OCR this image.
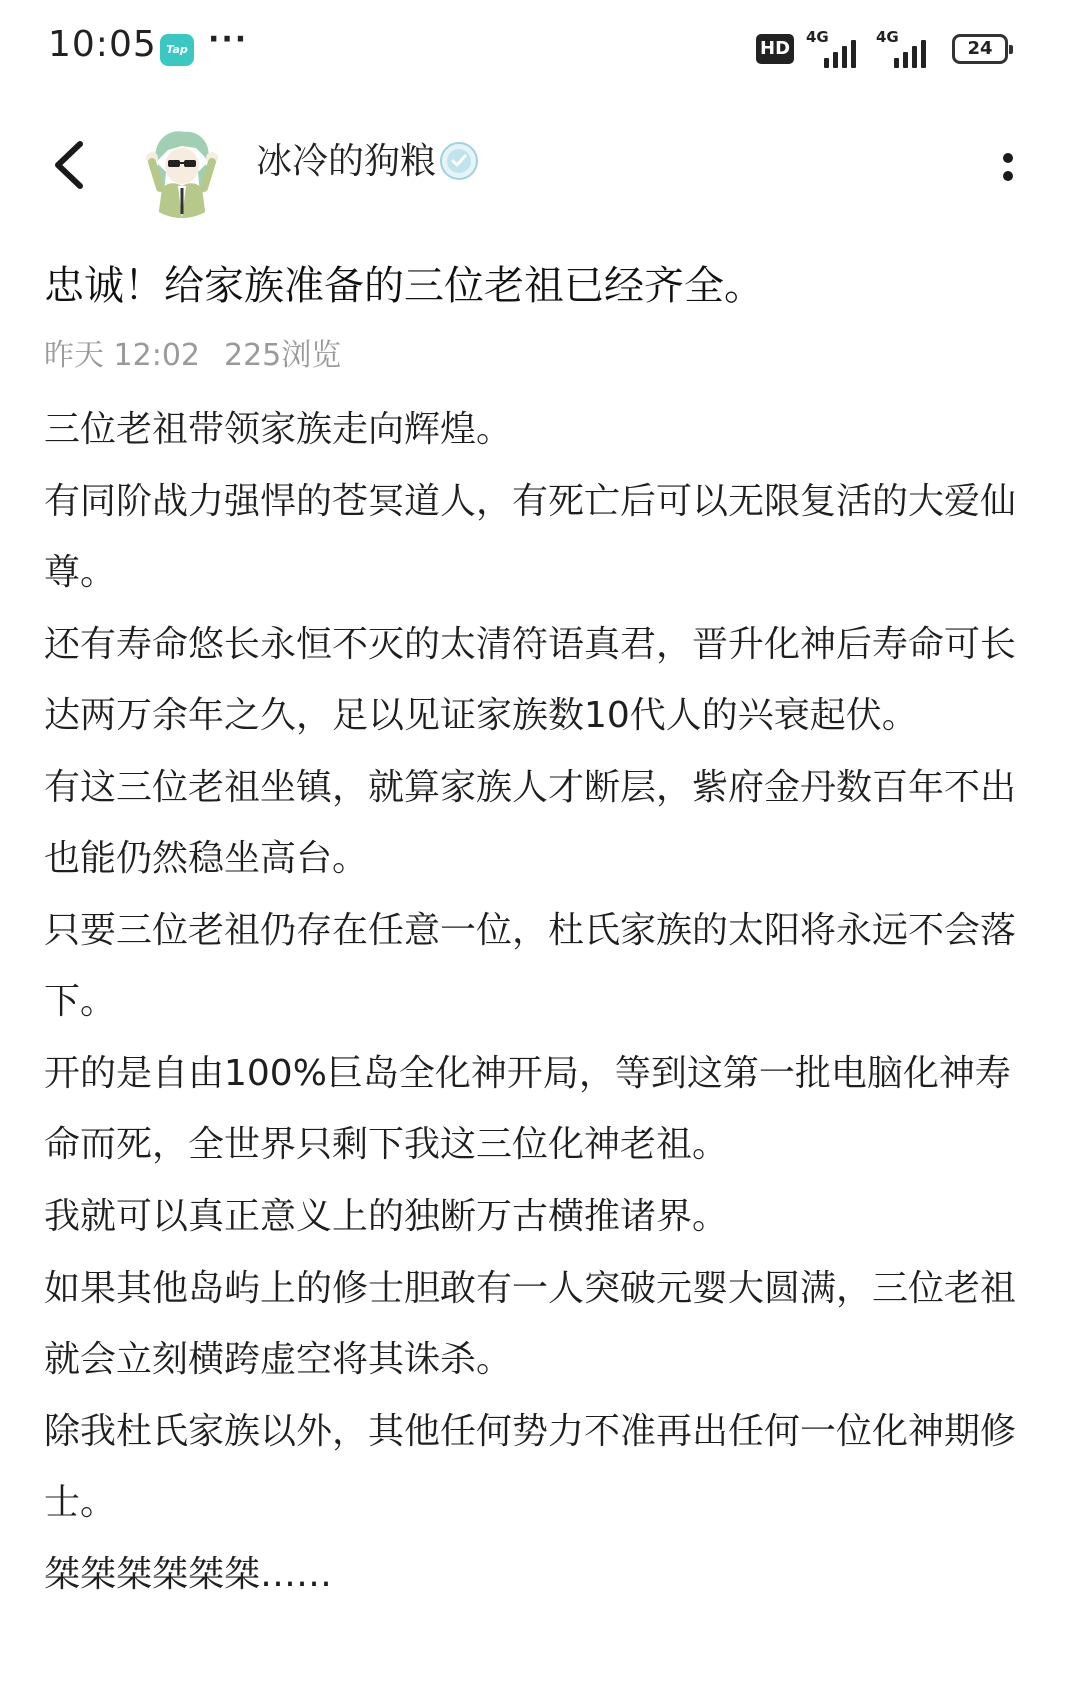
10:05 Tap ···	HD
4G	4G
24
冰冷的狗粮
忠诚！给家族准备的三位老祖已经齐全。
昨天 12:02 225浏览

三位老祖带领家族走向辉煌。

有同阶战力强悍的苍冥道人，有死亡后可以无限复活的大爱仙尊。

还有寿命悠长永恒不灭的太清符语真君，晋升化神后寿命可长达两万余年之久，足以见证家族数10代人的兴衰起伏。

有这三位老祖坐镇，就算家族人才断层，紫府金丹数百年不出也能仍然稳坐高台。

只要三位老祖仍存在任意一位，杜氏家族的太阳将永远不会落下。

开的是自由100%巨岛全化神开局，等到这第一批电脑化神寿命而死，全世界只剩下我这三位化神老祖。

我就可以真正意义上的独断万古横推诸界。

如果其他岛屿上的修士胆敢有一人突破元婴大圆满，三位老祖就会立刻横跨虚空将其诛杀。

除我杜氏家族以外，其他任何势力不准再出任何一位化神期修士。

桀桀桀桀桀桀……
